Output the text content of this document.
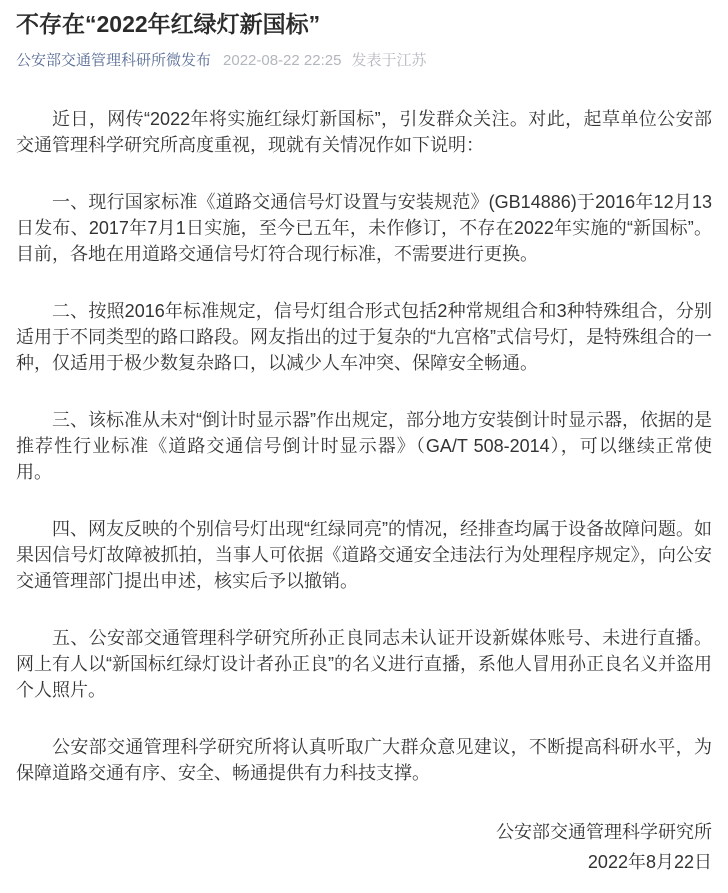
不存在“2022年红绿灯新国标”
公安部交通管理科研所微发布 2022-08-22 22:25 发表于江苏

近日，网传“2022年将实施红绿灯新国标”，引发群众关注。对此，起草单位公安部交通管理科学研究所高度重视，现就有关情况作如下说明：

一、现行国家标准《道路交通信号灯设置与安装规范》(GB14886)于2016年12月13日发布、2017年7月1日实施，至今已五年，未作修订，不存在2022年实施的“新国标”。目前，各地在用道路交通信号灯符合现行标准，不需要进行更换。

二、按照2016年标准规定，信号灯组合形式包括2种常规组合和3种特殊组合，分别适用于不同类型的路口路段。网友指出的过于复杂的“九宫格”式信号灯，是特殊组合的一种，仅适用于极少数复杂路口，以减少人车冲突、保障安全畅通。

三、该标准从未对“倒计时显示器”作出规定，部分地方安装倒计时显示器，依据的是推荐性行业标准《道路交通信号倒计时显示器》（GA/T 508-2014），可以继续正常使用。

四、网友反映的个别信号灯出现“红绿同亮”的情况，经排查均属于设备故障问题。如果因信号灯故障被抓拍，当事人可依据《道路交通安全违法行为处理程序规定》，向公安交通管理部门提出申述，核实后予以撤销。

五、公安部交通管理科学研究所孙正良同志未认证开设新媒体账号、未进行直播。网上有人以“新国标红绿灯设计者孙正良”的名义进行直播，系他人冒用孙正良名义并盗用个人照片。

公安部交通管理科学研究所将认真听取广大群众意见建议，不断提高科研水平，为保障道路交通有序、安全、畅通提供有力科技支撑。

公安部交通管理科学研究所
2022年8月22日
